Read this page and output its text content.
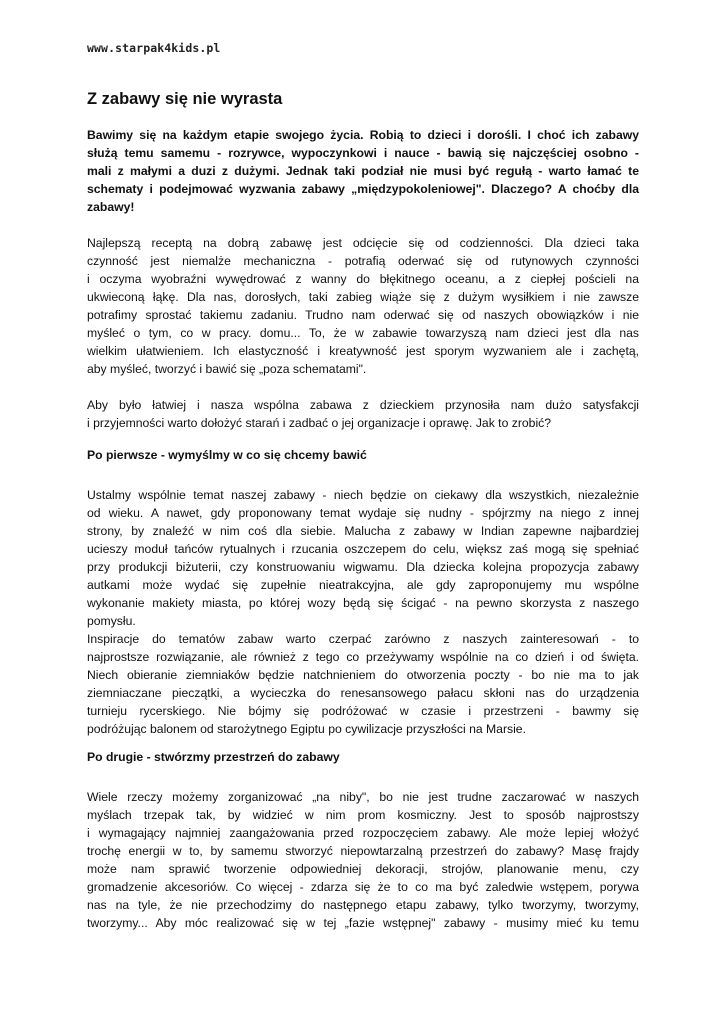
www.starpak4kids.pl
Z zabawy się nie wyrasta
Bawimy się na każdym etapie swojego życia. Robią to dzieci i dorośli. I choć ich zabawy
służą temu samemu - rozrywce, wypoczynkowi i nauce - bawią się najczęściej osobno -
mali z małymi a duzi z dużymi. Jednak taki podział nie musi być regułą - warto łamać te
schematy i podejmować wyzwania zabawy „międzypokoleniowej". Dlaczego? A choćby dla
zabawy!
Najlepszą receptą na dobrą zabawę jest odcięcie się od codzienności. Dla dzieci taka
czynność jest niemalże mechaniczna - potrafią oderwać się od rutynowych czynności
i oczyma wyobraźni wywędrować z wanny do błękitnego oceanu, a z ciepłej pościeli na
ukwieconą łąkę. Dla nas, dorosłych, taki zabieg wiąże się z dużym wysiłkiem i nie zawsze
potrafimy sprostać takiemu zadaniu. Trudno nam oderwać się od naszych obowiązków i nie
myśleć o tym, co w pracy. domu... To, że w zabawie towarzyszą nam dzieci jest dla nas
wielkim ułatwieniem. Ich elastyczność i kreatywność jest sporym wyzwaniem ale i zachętą,
aby myśleć, tworzyć i bawić się „poza schematami".
Aby było łatwiej i nasza wspólna zabawa z dzieckiem przynosiła nam dużo satysfakcji
i przyjemności warto dołożyć starań i zadbać o jej organizacje i oprawę. Jak to zrobić?
Po pierwsze - wymyślmy w co się chcemy bawić
Ustalmy wspólnie temat naszej zabawy - niech będzie on ciekawy dla wszystkich, niezależnie
od wieku. A nawet, gdy proponowany temat wydaje się nudny - spójrzmy na niego z innej
strony, by znaleźć w nim coś dla siebie. Malucha z zabawy w Indian zapewne najbardziej
ucieszy moduł tańców rytualnych i rzucania oszczepem do celu, większ zaś mogą się spełniać
przy produkcji biżuterii, czy konstruowaniu wigwamu. Dla dziecka kolejna propozycja zabawy
autkami może wydać się zupełnie nieatrakcyjna, ale gdy zaproponujemy mu wspólne
wykonanie makiety miasta, po której wozy będą się ścigać - na pewno skorzysta z naszego
pomysłu.
Inspiracje do tematów zabaw warto czerpać zarówno z naszych zainteresowań - to
najprostsze rozwiązanie, ale również z tego co przeżywamy wspólnie na co dzień i od święta.
Niech obieranie ziemniaków będzie natchnieniem do otworzenia poczty - bo nie ma to jak
ziemniaczane pieczątki, a wycieczka do renesansowego pałacu skłoni nas do urządzenia
turnieju rycerskiego. Nie bójmy się podróżować w czasie i przestrzeni - bawmy się
podróżując balonem od starożytnego Egiptu po cywilizacje przyszłości na Marsie.
Po drugie - stwórzmy przestrzeń do zabawy
Wiele rzeczy możemy zorganizować „na niby", bo nie jest trudne zaczarować w naszych
myślach trzepak tak, by widzieć w nim prom kosmiczny. Jest to sposób najprostszy
i wymagający najmniej zaangażowania przed rozpoczęciem zabawy. Ale może lepiej włożyć
trochę energii w to, by samemu stworzyć niepowtarzalną przestrzeń do zabawy? Masę frajdy
może nam sprawić tworzenie odpowiedniej dekoracji, strojów, planowanie menu, czy
gromadzenie akcesoriów. Co więcej - zdarza się że to co ma być zaledwie wstępem, porywa
nas na tyle, że nie przechodzimy do następnego etapu zabawy, tylko tworzymy, tworzymy,
tworzymy... Aby móc realizować się w tej „fazie wstępnej" zabawy - musimy mieć ku temu
